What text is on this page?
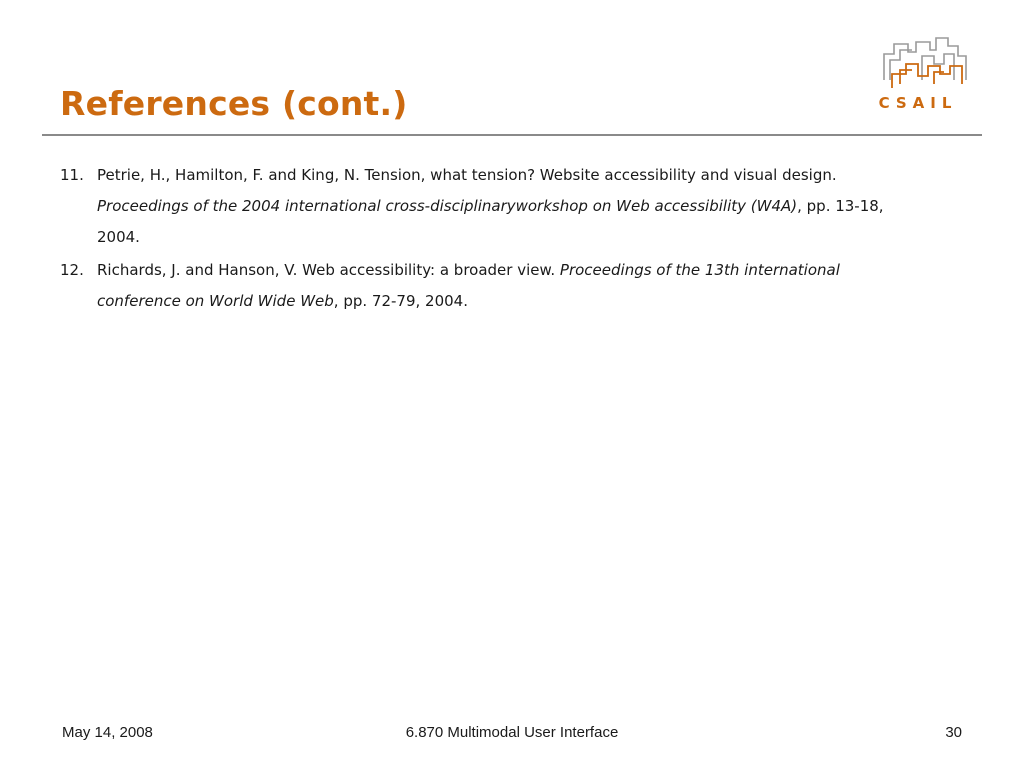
References (cont.)	CSAIL
11. Petrie, H., Hamilton, F. and King, N. Tension, what tension? Website accessibility and visual design. Proceedings of the 2004 international cross-disciplinaryworkshop on Web accessibility (W4A), pp. 13-18, 2004.
12. Richards, J. and Hanson, V. Web accessibility: a broader view. Proceedings of the 13th international conference on World Wide Web, pp. 72-79, 2004.
May 14, 2008	6.870 Multimodal User Interface	30
